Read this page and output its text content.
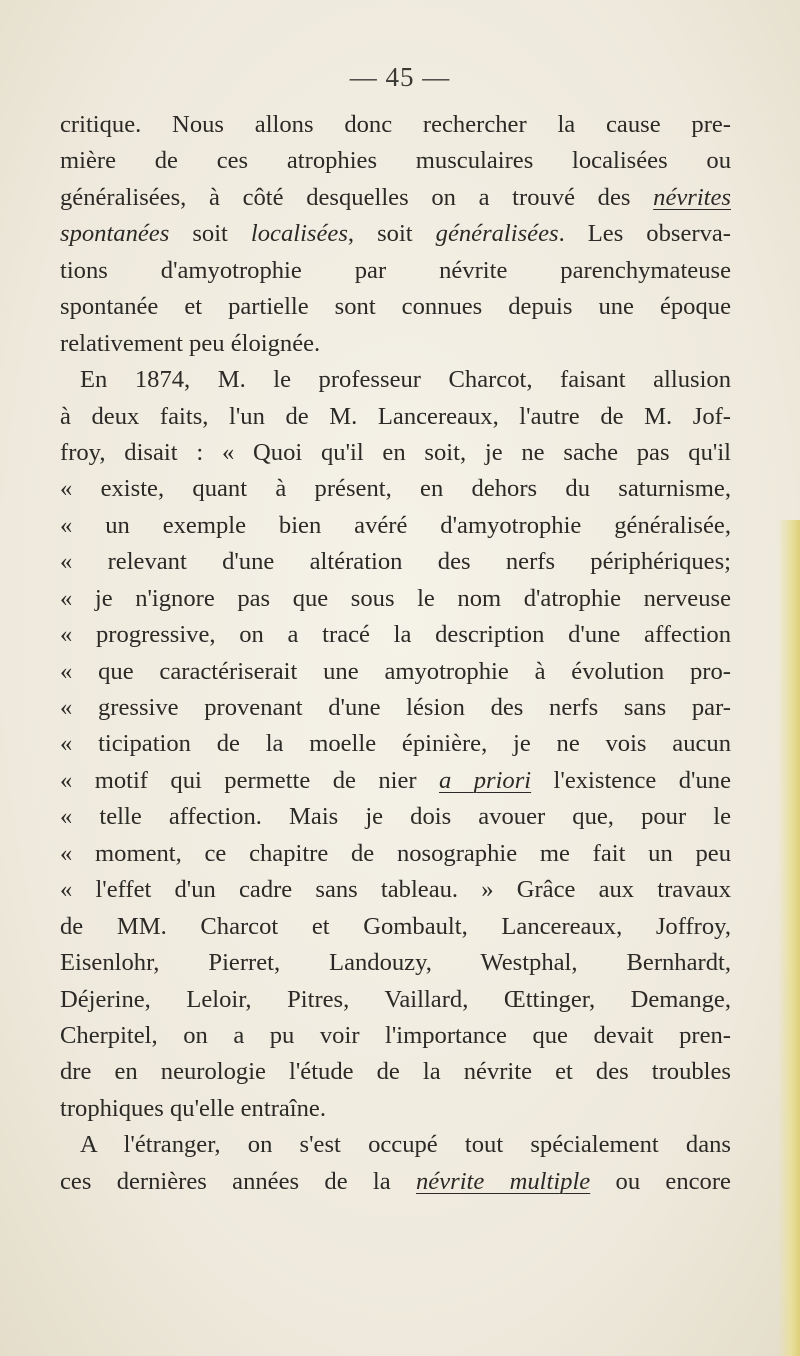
— 45 —
critique. Nous allons donc rechercher la cause pre-
mière de ces atrophies musculaires localisées ou
généralisées, à côté desquelles on a trouvé des névrites
spontanées soit localisées, soit généralisées. Les observa-
tions d'amyotrophie par névrite parenchymateuse
spontanée et partielle sont connues depuis une époque
relativement peu éloignée.
En 1874, M. le professeur Charcot, faisant allusion
à deux faits, l'un de M. Lancereaux, l'autre de M. Jof-
froy, disait : « Quoi qu'il en soit, je ne sache pas qu'il
« existe, quant à présent, en dehors du saturnisme,
« un exemple bien avéré d'amyotrophie généralisée,
« relevant d'une altération des nerfs périphériques;
« je n'ignore pas que sous le nom d'atrophie nerveuse
« progressive, on a tracé la description d'une affection
« que caractériserait une amyotrophie à évolution pro-
« gressive provenant d'une lésion des nerfs sans par-
« ticipation de la moelle épinière, je ne vois aucun
« motif qui permette de nier a priori l'existence d'une
« telle affection. Mais je dois avouer que, pour le
« moment, ce chapitre de nosographie me fait un peu
« l'effet d'un cadre sans tableau. » Grâce aux travaux
de MM. Charcot et Gombault, Lancereaux, Joffroy,
Eisenlohr, Pierret, Landouzy, Westphal, Bernhardt,
Déjerine, Leloir, Pitres, Vaillard, Œttinger, Demange,
Cherpitel, on a pu voir l'importance que devait pren-
dre en neurologie l'étude de la névrite et des troubles
trophiques qu'elle entraîne.
A l'étranger, on s'est occupé tout spécialement dans
ces dernières années de la névrite multiple ou encore
